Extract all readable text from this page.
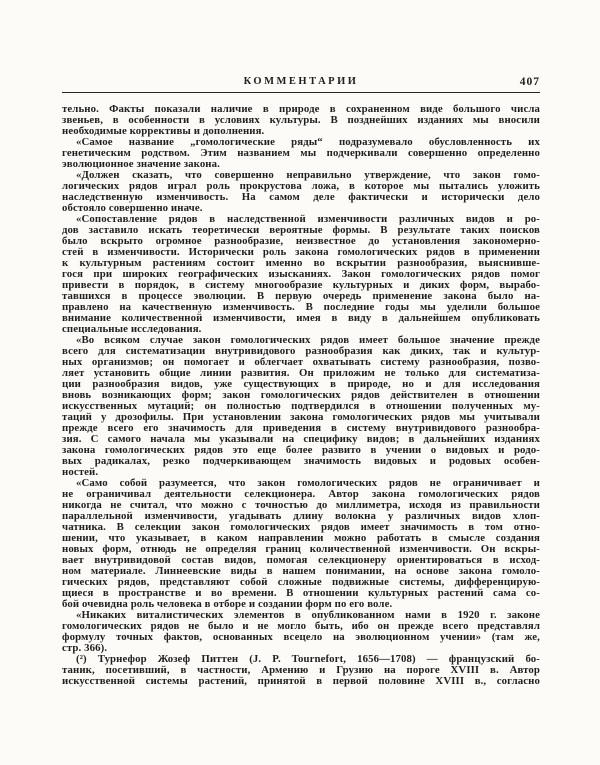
КОММЕНТАРИИ	407
тельно. Факты показали наличие в природе в сохраненном виде большого числа
звеньев, в особенности в условиях культуры. В позднейших изданиях мы вносили
необходимые коррективы и дополнения.
«Самое название „гомологические ряды“ подразумевало обусловленность их
генетическим родством. Этим названием мы подчеркивали совершенно определенно
эволюционное значение закона.
«Должен сказать, что совершенно неправильно утверждение, что закон гомо-
логических рядов играл роль прокрустова ложа, в которое мы пытались уложить
наследственную изменчивость. На самом деле фактически и исторически дело
обстояло совершенно иначе.
«Сопоставление рядов в наследственной изменчивости различных видов и ро-
дов заставило искать теоретически вероятные формы. В результате таких поисков
было вскрыто огромное разнообразие, неизвестное до установления закономерно-
стей в изменчивости. Исторически роль закона гомологических рядов в применении
к культурным растениям состоит именно во вскрытии разнообразия, выяснивше-
гося при широких географических изысканиях. Закон гомологических рядов помог
привести в порядок, в систему многообразие культурных и диких форм, вырабо-
тавшихся в процессе эволюции. В первую очередь применение закона было на-
правлено на качественную изменчивость. В последние годы мы уделили большое
внимание количественной изменчивости, имея в виду в дальнейшем опубликовать
специальные исследования.
«Во всяком случае закон гомологических рядов имеет большое значение прежде
всего для систематизации внутривидового разнообразия как диких, так и культур-
ных организмов; он помогает и облегчает охватывать систему разнообразия, позво-
ляет установить общие линии развития. Он приложим не только для систематиза-
ции разнообразия видов, уже существующих в природе, но и для исследования
вновь возникающих форм; закон гомологических рядов действителен в отношении
искусственных мутаций; он полностью подтвердился в отношении полученных му-
таций у дрозофилы. При установлении закона гомологических рядов мы учитывали
прежде всего его значимость для приведения в систему внутривидового разнообра-
зия. С самого начала мы указывали на специфику видов; в дальнейших изданиях
закона гомологических рядов это еще более развито в учении о видовых и родо-
вых радикалах, резко подчеркивающем значимость видовых и родовых особен-
ностей.
«Само собой разумеется, что закон гомологических рядов не ограничивает и
не ограничивал деятельности селекционера. Автор закона гомологических рядов
никогда не считал, что можно с точностью до миллиметра, исходя из правильности
параллельной изменчивости, угадывать длину волокна у различных видов хлоп-
чатника. В селекции закон гомологических рядов имеет значимость в том отно-
шении, что указывает, в каком направлении можно работать в смысле создания
новых форм, отнюдь не определяя границ количественной изменчивости. Он вскры-
вает внутривидовой состав видов, помогая селекционеру ориентироваться в исход-
ном материале. Линнеевские виды в нашем понимании, на основе закона гомоло-
гических рядов, представляют собой сложные подвижные системы, дифференцирую-
щиеся в пространстве и во времени. В отношении культурных растений сама со-
бой очевидна роль человека в отборе и создании форм по его воле.
«Никаких виталистических элементов в опубликованном нами в 1920 г. законе
гомологических рядов не было и не могло быть, ибо он прежде всего представлял
формулу точных фактов, основанных всецело на эволюционном учении» (там же,
стр. 366).
(²) Турнефор Жозеф Питтен (J. P. Tournefort, 1656—1708) — французский бо-
таник, посетивший, в частности, Армению и Грузию на пороге XVIII в. Автор
искусственной системы растений, принятой в первой половине XVIII в., согласно
